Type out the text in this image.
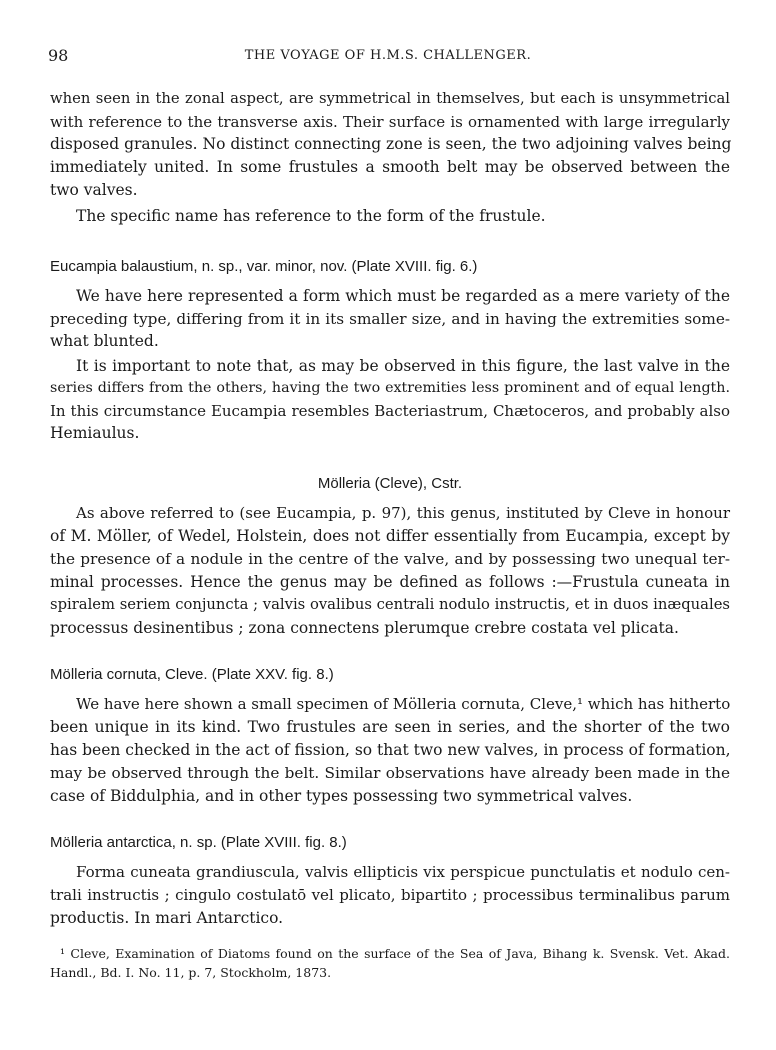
98	THE VOYAGE OF H.M.S. CHALLENGER.
when seen in the zonal aspect, are symmetrical in themselves, but each is unsymmetrical
with reference to the transverse axis. Their surface is ornamented with large irregularly
disposed granules. No distinct connecting zone is seen, the two adjoining valves being
immediately united. In some frustules a smooth belt may be observed between the
two valves.
The specific name has reference to the form of the frustule.
Eucampia balaustium, n. sp., var. minor, nov. (Plate XVIII. fig. 6.)
We have here represented a form which must be regarded as a mere variety of the
preceding type, differing from it in its smaller size, and in having the extremities some-
what blunted.
It is important to note that, as may be observed in this figure, the last valve in the
series differs from the others, having the two extremities less prominent and of equal length.
In this circumstance Eucampia resembles Bacteriastrum, Chætoceros, and probably also
Hemiaulus.
Mölleria (Cleve), Cstr.
As above referred to (see Eucampia, p. 97), this genus, instituted by Cleve in honour
of M. Möller, of Wedel, Holstein, does not differ essentially from Eucampia, except by
the presence of a nodule in the centre of the valve, and by possessing two unequal ter-
minal processes. Hence the genus may be defined as follows :—Frustula cuneata in
spiralem seriem conjuncta ; valvis ovalibus centrali nodulo instructis, et in duos inæquales
processus desinentibus ; zona connectens plerumque crebre costata vel plicata.
Mölleria cornuta, Cleve. (Plate XXV. fig. 8.)
We have here shown a small specimen of Mölleria cornuta, Cleve,¹ which has hitherto
been unique in its kind. Two frustules are seen in series, and the shorter of the two
has been checked in the act of fission, so that two new valves, in process of formation,
may be observed through the belt. Similar observations have already been made in the
case of Biddulphia, and in other types possessing two symmetrical valves.
Mölleria antarctica, n. sp. (Plate XVIII. fig. 8.)
Forma cuneata grandiuscula, valvis ellipticis vix perspicue punctulatis et nodulo cen-
trali instructis ; cingulo costulatō vel plicato, bipartito ; processibus terminalibus parum
productis. In mari Antarctico.
¹ Cleve, Examination of Diatoms found on the surface of the Sea of Java, Bihang k. Svensk. Vet. Akad.
Handl., Bd. I. No. 11, p. 7, Stockholm, 1873.
